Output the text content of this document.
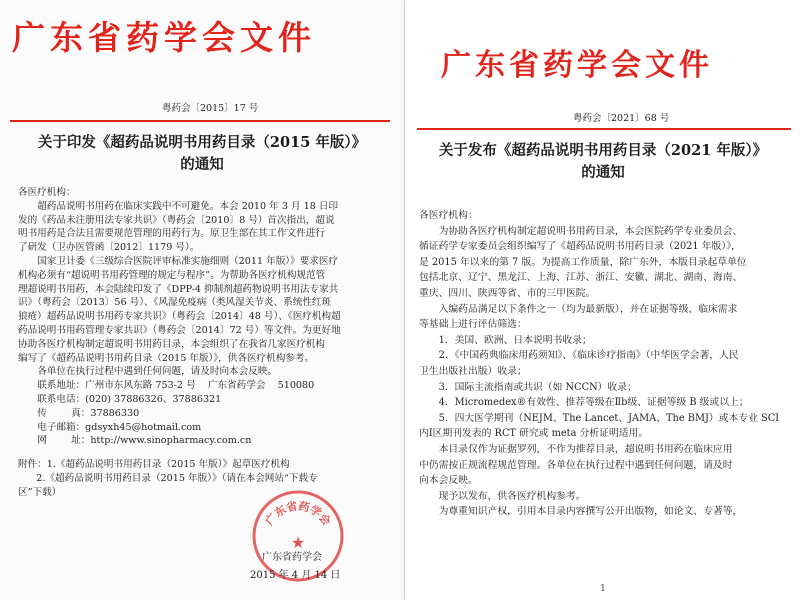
广东省药学会文件
粤药会〔2015〕17 号
关于印发《超药品说明书用药目录（2015 年版）》
的通知

各医疗机构：

超药品说明书用药在临床实践中不可避免。本会 2010 年 3 月 18 日印

发的《药品未注册用法专家共识》（粤药会〔2010〕8 号）首次指出，超说

明书用药是合法且需要规范管理的用药行为。原卫生部在其工作文件进行

了研发（卫办医管函〔2012〕1179 号）。

国家卫计委《三级综合医院评审标准实施细则（2011 年版）》要求医疗

机构必须有“超说明书用药管理的规定与程序”。为帮助各医疗机构规范管

理超说明书用药，本会陆续印发了《DPP-4 抑制剂超药物说明书用法专家共

识》（粤药会〔2013〕56 号）、《风湿免疫病（类风湿关节炎、系统性红斑

狼疮）超药品说明书用药专家共识》（粤药会〔2014〕48 号）、《医疗机构超

药品说明书用药管理专家共识》（粤药会〔2014〕72 号）等文件。为更好地

协助各医疗机构制定超说明书用药目录，本会组织了在我省几家医疗机构

编写了《超药品说明书用药目录（2015 年版）》，供各医疗机构参考。

各单位在执行过程中遇到任何问题，请及时向本会反映。

联系地址：广州市东风东路 753-2 号    广东省药学会    510080

联系电话：(020) 37886326、37886321

传        真：37886330

电子邮箱：gdsyxh45@hotmail.com

网        址：http://www.sinopharmacy.com.cn

附件：1.《超药品说明书用药目录（2015 年版）》起草医疗机构

2.《超药品说明书用药目录（2015 年版）》（请在本会网站“下载专

区”下载）

广东省药学会
★
广东省药学会
2015 年 4 月 14 日
广东省药学会文件
粤药会〔2021〕68 号
关于发布《超药品说明书用药目录（2021 年版）》
的通知

各医疗机构：

为协助各医疗机构制定超说明书用药目录，本会医院药学专业委员会、

循证药学专家委员会组织编写了《超药品说明书用药目录（2021 年版）》，

是 2015 年以来的第 7 版。为提高工作质量，除广东外，本版目录起草单位

包括北京、辽宁、黑龙江、上海、江苏、浙江、安徽、湖北、湖南、海南、

重庆、四川、陕西等省、市的三甲医院。

入编药品满足以下条件之一（均为最新版），并在证据等级、临床需求

等基础上进行评估筛选：

1．美国、欧洲、日本说明书收录；

2．《中国药典临床用药须知》、《临床诊疗指南》（中华医学会著，人民

卫生出版社出版）收录；

3．国际主流指南或共识（如 NCCN）收录；

4．Micromedex®有效性、推荐等级在Ⅱb级、证据等级 B 级或以上；

5．四大医学期刊（NEJM、The Lancet、JAMA、The BMJ）或本专业 SCI

内Ⅰ区期刊发表的 RCT 研究或 meta 分析证明适用。

本目录仅作为证据罗列，不作为推荐目录，超说明书用药在临床应用

中仍需按正规流程规范管理。各单位在执行过程中遇到任何问题，请及时

向本会反映。

现予以发布，供各医疗机构参考。

为尊重知识产权，引用本目录内容撰写公开出版物，如论文、专著等，

1
